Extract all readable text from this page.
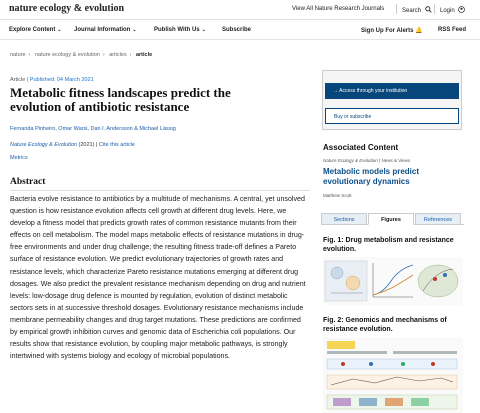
nature ecology & evolution	View All Nature Research Journals	Search	Login
Explore Content ⌄ Journal Information ⌄	Publish With Us ⌄	Subscribe	Sign Up For Alerts 🔔	RSS Feed
nature › nature ecology & evolution › articles › article
Article | Published: 04 March 2021
Metabolic fitness landscapes predict the evolution of antibiotic resistance
Fernanda Pinheiro, Omar Warsi, Dan I. Andersson & Michael Lässig
Nature Ecology & Evolution (2021) | Cite this article
Metrics
Abstract

Bacteria evolve resistance to antibiotics by a multitude of mechanisms. A central, yet unsolved question is how resistance evolution affects cell growth at different drug levels. Here, we develop a fitness model that predicts growth rates of common resistance mutants from their effects on cell metabolism. The model maps metabolic effects of resistance mutations in drug-free environments and under drug challenge; the resulting fitness trade-off defines a Pareto surface of resistance evolution. We predict evolutionary trajectories of growth rates and resistance levels, which characterize Pareto resistance mutations emerging at different drug dosages. We also predict the prevalent resistance mechanism depending on drug and nutrient levels: low-dosage drug defence is mounted by regulation, evolution of distinct metabolic sectors sets in at successive threshold dosages. Evolutionary resistance mechanisms include membrane permeability changes and drug target mutations. These predictions are confirmed by empirical growth inhibition curves and genomic data of Escherichia coli populations. Our results show that resistance evolution, by coupling major metabolic pathways, is strongly intertwined with systems biology and ecology of microbial populations.

→ Access through your institution
Buy or subscribe
Associated Content
Nature Ecology & Evolution | News & Views
Metabolic models predict evolutionary dynamics
Matthew Scott
Sections	Figures	References
Fig. 1: Drug metabolism and resistance evolution.
Fig. 2: Genomics and mechanisms of resistance evolution.
